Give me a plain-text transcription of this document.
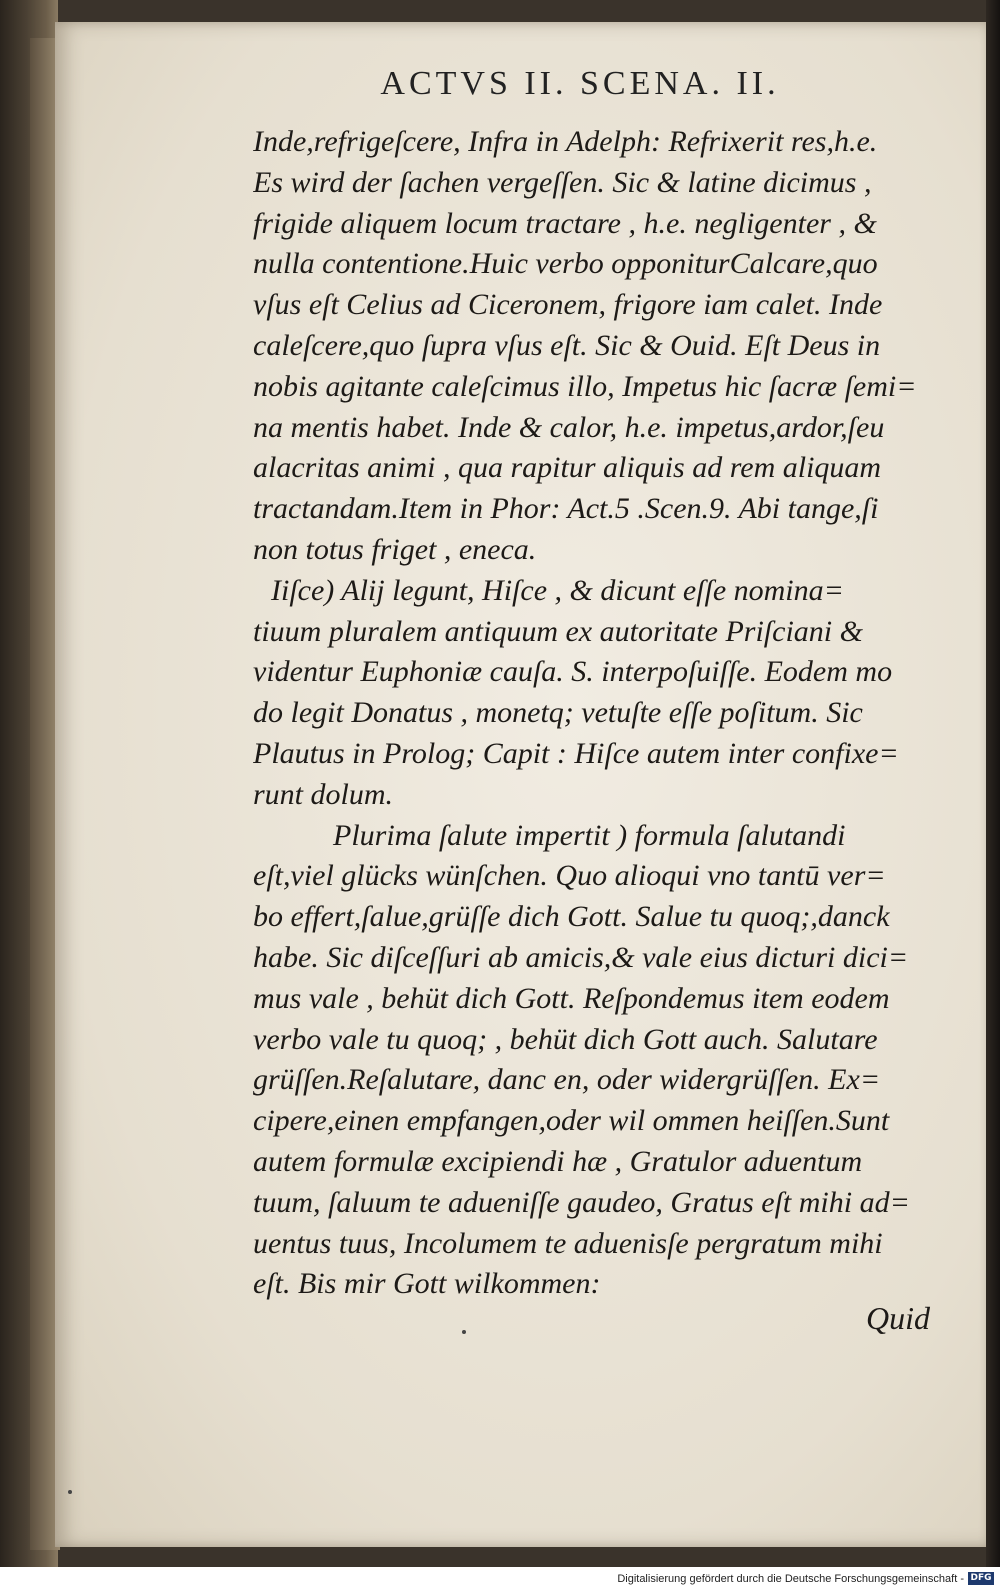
ACTVS II. SCENA. II.
Inde,refrigeſcere, Infra in Adelph: Refrixerit res,h.e.
Es wird der ſachen vergeſſen. Sic & latine dicimus ,
frigide aliquem locum tractare , h.e. negligenter , &
nulla contentione.Huic verbo opponiturCalcare,quo
vſus eſt Celius ad Ciceronem, frigore iam calet. Inde
caleſcere,quo ſupra vſus eſt. Sic & Ouid. Eſt Deus in
nobis agitante caleſcimus illo, Impetus hic ſacræ ſemi=
na mentis habet. Inde & calor, h.e. impetus,ardor,ſeu
alacritas animi , qua rapitur aliquis ad rem aliquam
tractandam.Item in Phor: Act.5 .Scen.9. Abi tange,ſi
non totus friget , eneca.
Iiſce) Alij legunt, Hiſce , & dicunt eſſe nomina=
tiuum pluralem antiquum ex autoritate Priſciani &
videntur Euphoniæ cauſa. S. interpoſuiſſe. Eodem mo
do legit Donatus , monetq; vetuſte eſſe poſitum. Sic
Plautus in Prolog; Capit : Hiſce autem inter confixe=
runt dolum.
Plurima ſalute impertit ) formula ſalutandi
eſt,viel glücks wünſchen. Quo alioqui vno tantū ver=
bo effert,ſalue,grüſſe dich Gott. Salue tu quoq;,danck
habe. Sic diſceſſuri ab amicis,& vale eius dicturi dici=
mus vale , behüt dich Gott. Reſpondemus item eodem
verbo vale tu quoq; , behüt dich Gott auch. Salutare
grüſſen.Reſalutare, danc en, oder widergrüſſen. Ex=
cipere,einen empfangen,oder wil ommen heiſſen.Sunt
autem formulæ excipiendi hæ , Gratulor aduentum
tuum, ſaluum te adueniſſe gaudeo, Gratus eſt mihi ad=
uentus tuus, Incolumem te aduenisſe pergratum mihi
eſt. Bis mir Gott wilkommen:
Quid
Digitalisierung gefördert durch die Deutsche Forschungsgemeinschaft - DFG
